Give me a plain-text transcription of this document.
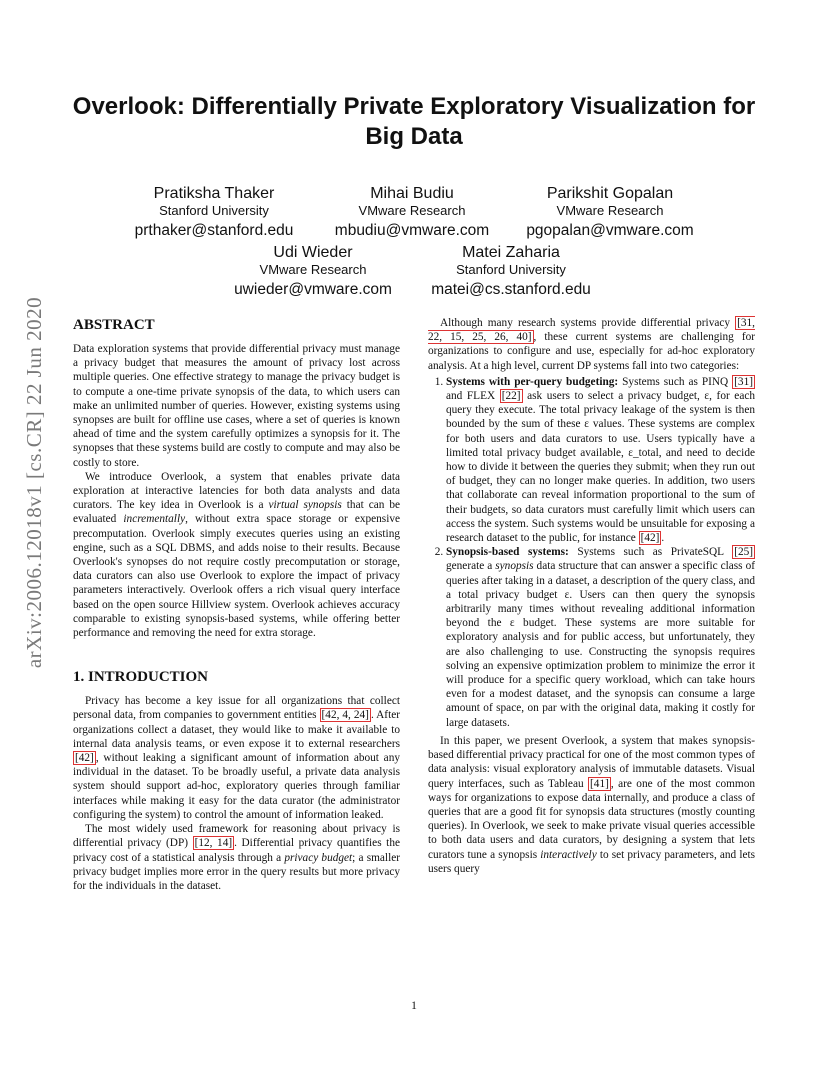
arXiv:2006.12018v1 [cs.CR] 22 Jun 2020
Overlook: Differentially Private Exploratory Visualization for Big Data
Pratiksha Thaker
Stanford University
prthaker@stanford.edu
Mihai Budiu
VMware Research
mbudiu@vmware.com
Parikshit Gopalan
VMware Research
pgopalan@vmware.com
Udi Wieder
VMware Research
uwieder@vmware.com
Matei Zaharia
Stanford University
matei@cs.stanford.edu
ABSTRACT

Data exploration systems that provide differential privacy must manage a privacy budget that measures the amount of privacy lost across multiple queries. One effective strategy to manage the privacy budget is to compute a one-time private synopsis of the data, to which users can make an unlimited number of queries. However, existing systems using synopses are built for offline use cases, where a set of queries is known ahead of time and the system carefully optimizes a synopsis for it. The synopses that these systems build are costly to compute and may also be costly to store.

We introduce Overlook, a system that enables private data exploration at interactive latencies for both data analysts and data curators. The key idea in Overlook is a virtual synopsis that can be evaluated incrementally, without extra space storage or expensive precomputation. Overlook simply executes queries using an existing engine, such as a SQL DBMS, and adds noise to their results. Because Overlook's synopses do not require costly precomputation or storage, data curators can also use Overlook to explore the impact of privacy parameters interactively. Overlook offers a rich visual query interface based on the open source Hillview system. Overlook achieves accuracy comparable to existing synopsis-based systems, while offering better performance and removing the need for extra storage.

1. INTRODUCTION

Privacy has become a key issue for all organizations that collect personal data, from companies to government entities [42, 4, 24] . After organizations collect a dataset, they would like to make it available to internal data analysis teams, or even expose it to external researchers [42] , without leaking a significant amount of information about any individual in the dataset. To be broadly useful, a private data analysis system should support ad-hoc, exploratory queries through familiar interfaces while making it easy for the data curator (the administrator configuring the system) to control the amount of information leaked.

The most widely used framework for reasoning about privacy is differential privacy (DP) [12, 14] . Differential privacy quantifies the privacy cost of a statistical analysis through a privacy budget; a smaller privacy budget implies more error in the query results but more privacy for the individuals in the dataset.

Although many research systems provide differential privacy [31, 22, 15, 25, 26, 40] , these current systems are challenging for organizations to configure and use, especially for ad-hoc exploratory analysis. At a high level, current DP systems fall into two categories:

1. Systems with per-query budgeting: Systems such as PINQ [31] and FLEX [22] ask users to select a privacy budget, ε, for each query they execute. The total privacy leakage of the system is then bounded by the sum of these ε values. These systems are complex for both users and data curators to use. Users typically have a limited total privacy budget available, ε_total, and need to decide how to divide it between the queries they submit; when they run out of budget, they can no longer make queries. In addition, two users that collaborate can reveal information proportional to the sum of their budgets, so data curators must carefully limit which users can access the system. Such systems would be unsuitable for exposing a research dataset to the public, for instance [42] .
2. Synopsis-based systems: Systems such as PrivateSQL [25] generate a synopsis data structure that can answer a specific class of queries after taking in a dataset, a description of the query class, and a total privacy budget ε. Users can then query the synopsis arbitrarily many times without revealing additional information beyond the ε budget. These systems are more suitable for exploratory analysis and for public access, but unfortunately, they are also challenging to use. Constructing the synopsis requires solving an expensive optimization problem to minimize the error it will produce for a specific query workload, which can take hours even for a modest dataset, and the synopsis can consume a large amount of space, on par with the original data, making it costly for large datasets.

In this paper, we present Overlook, a system that makes synopsis-based differential privacy practical for one of the most common types of data analysis: visual exploratory analysis of immutable datasets. Visual query interfaces, such as Tableau [41] , are one of the most common ways for organizations to expose data internally, and produce a class of queries that are a good fit for synopsis data structures (mostly counting queries). In Overlook, we seek to make private visual queries accessible to both data users and data curators, by designing a system that lets curators tune a synopsis interactively to set privacy parameters, and lets users query

1
